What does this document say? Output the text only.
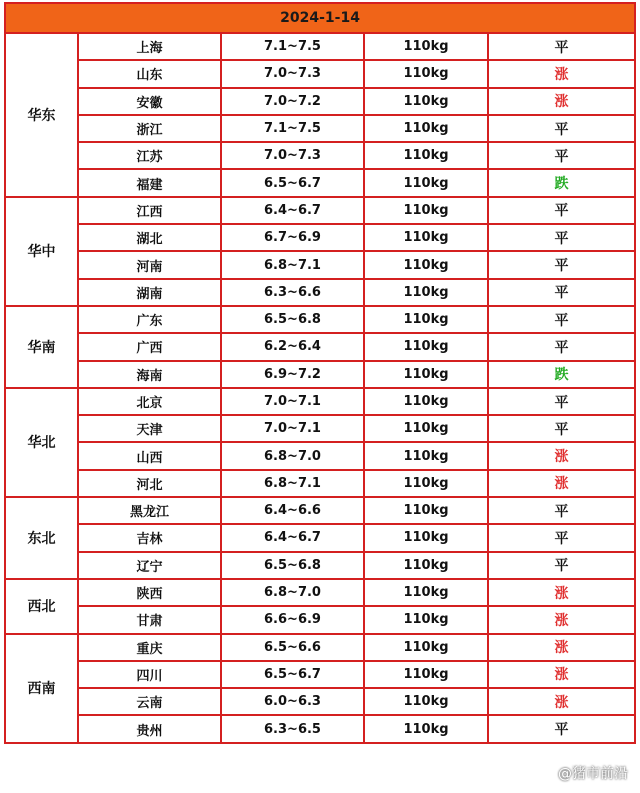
2024-1-14				
华东	上海	7.1~7.5	110kg	平
	山东	7.0~7.3	110kg	涨
	安徽	7.0~7.2	110kg	涨
	浙江	7.1~7.5	110kg	平
	江苏	7.0~7.3	110kg	平
	福建	6.5~6.7	110kg	跌
华中	江西	6.4~6.7	110kg	平
	湖北	6.7~6.9	110kg	平
	河南	6.8~7.1	110kg	平
	湖南	6.3~6.6	110kg	平
华南	广东	6.5~6.8	110kg	平
	广西	6.2~6.4	110kg	平
	海南	6.9~7.2	110kg	跌
华北	北京	7.0~7.1	110kg	平
	天津	7.0~7.1	110kg	平
	山西	6.8~7.0	110kg	涨
	河北	6.8~7.1	110kg	涨
东北	黑龙江	6.4~6.6	110kg	平
	吉林	6.4~6.7	110kg	平
	辽宁	6.5~6.8	110kg	平
西北	陕西	6.8~7.0	110kg	涨
	甘肃	6.6~6.9	110kg	涨
西南	重庆	6.5~6.6	110kg	涨
	四川	6.5~6.7	110kg	涨
	云南	6.0~6.3	110kg	涨
	贵州	6.3~6.5	110kg	平
@猪市前沿
